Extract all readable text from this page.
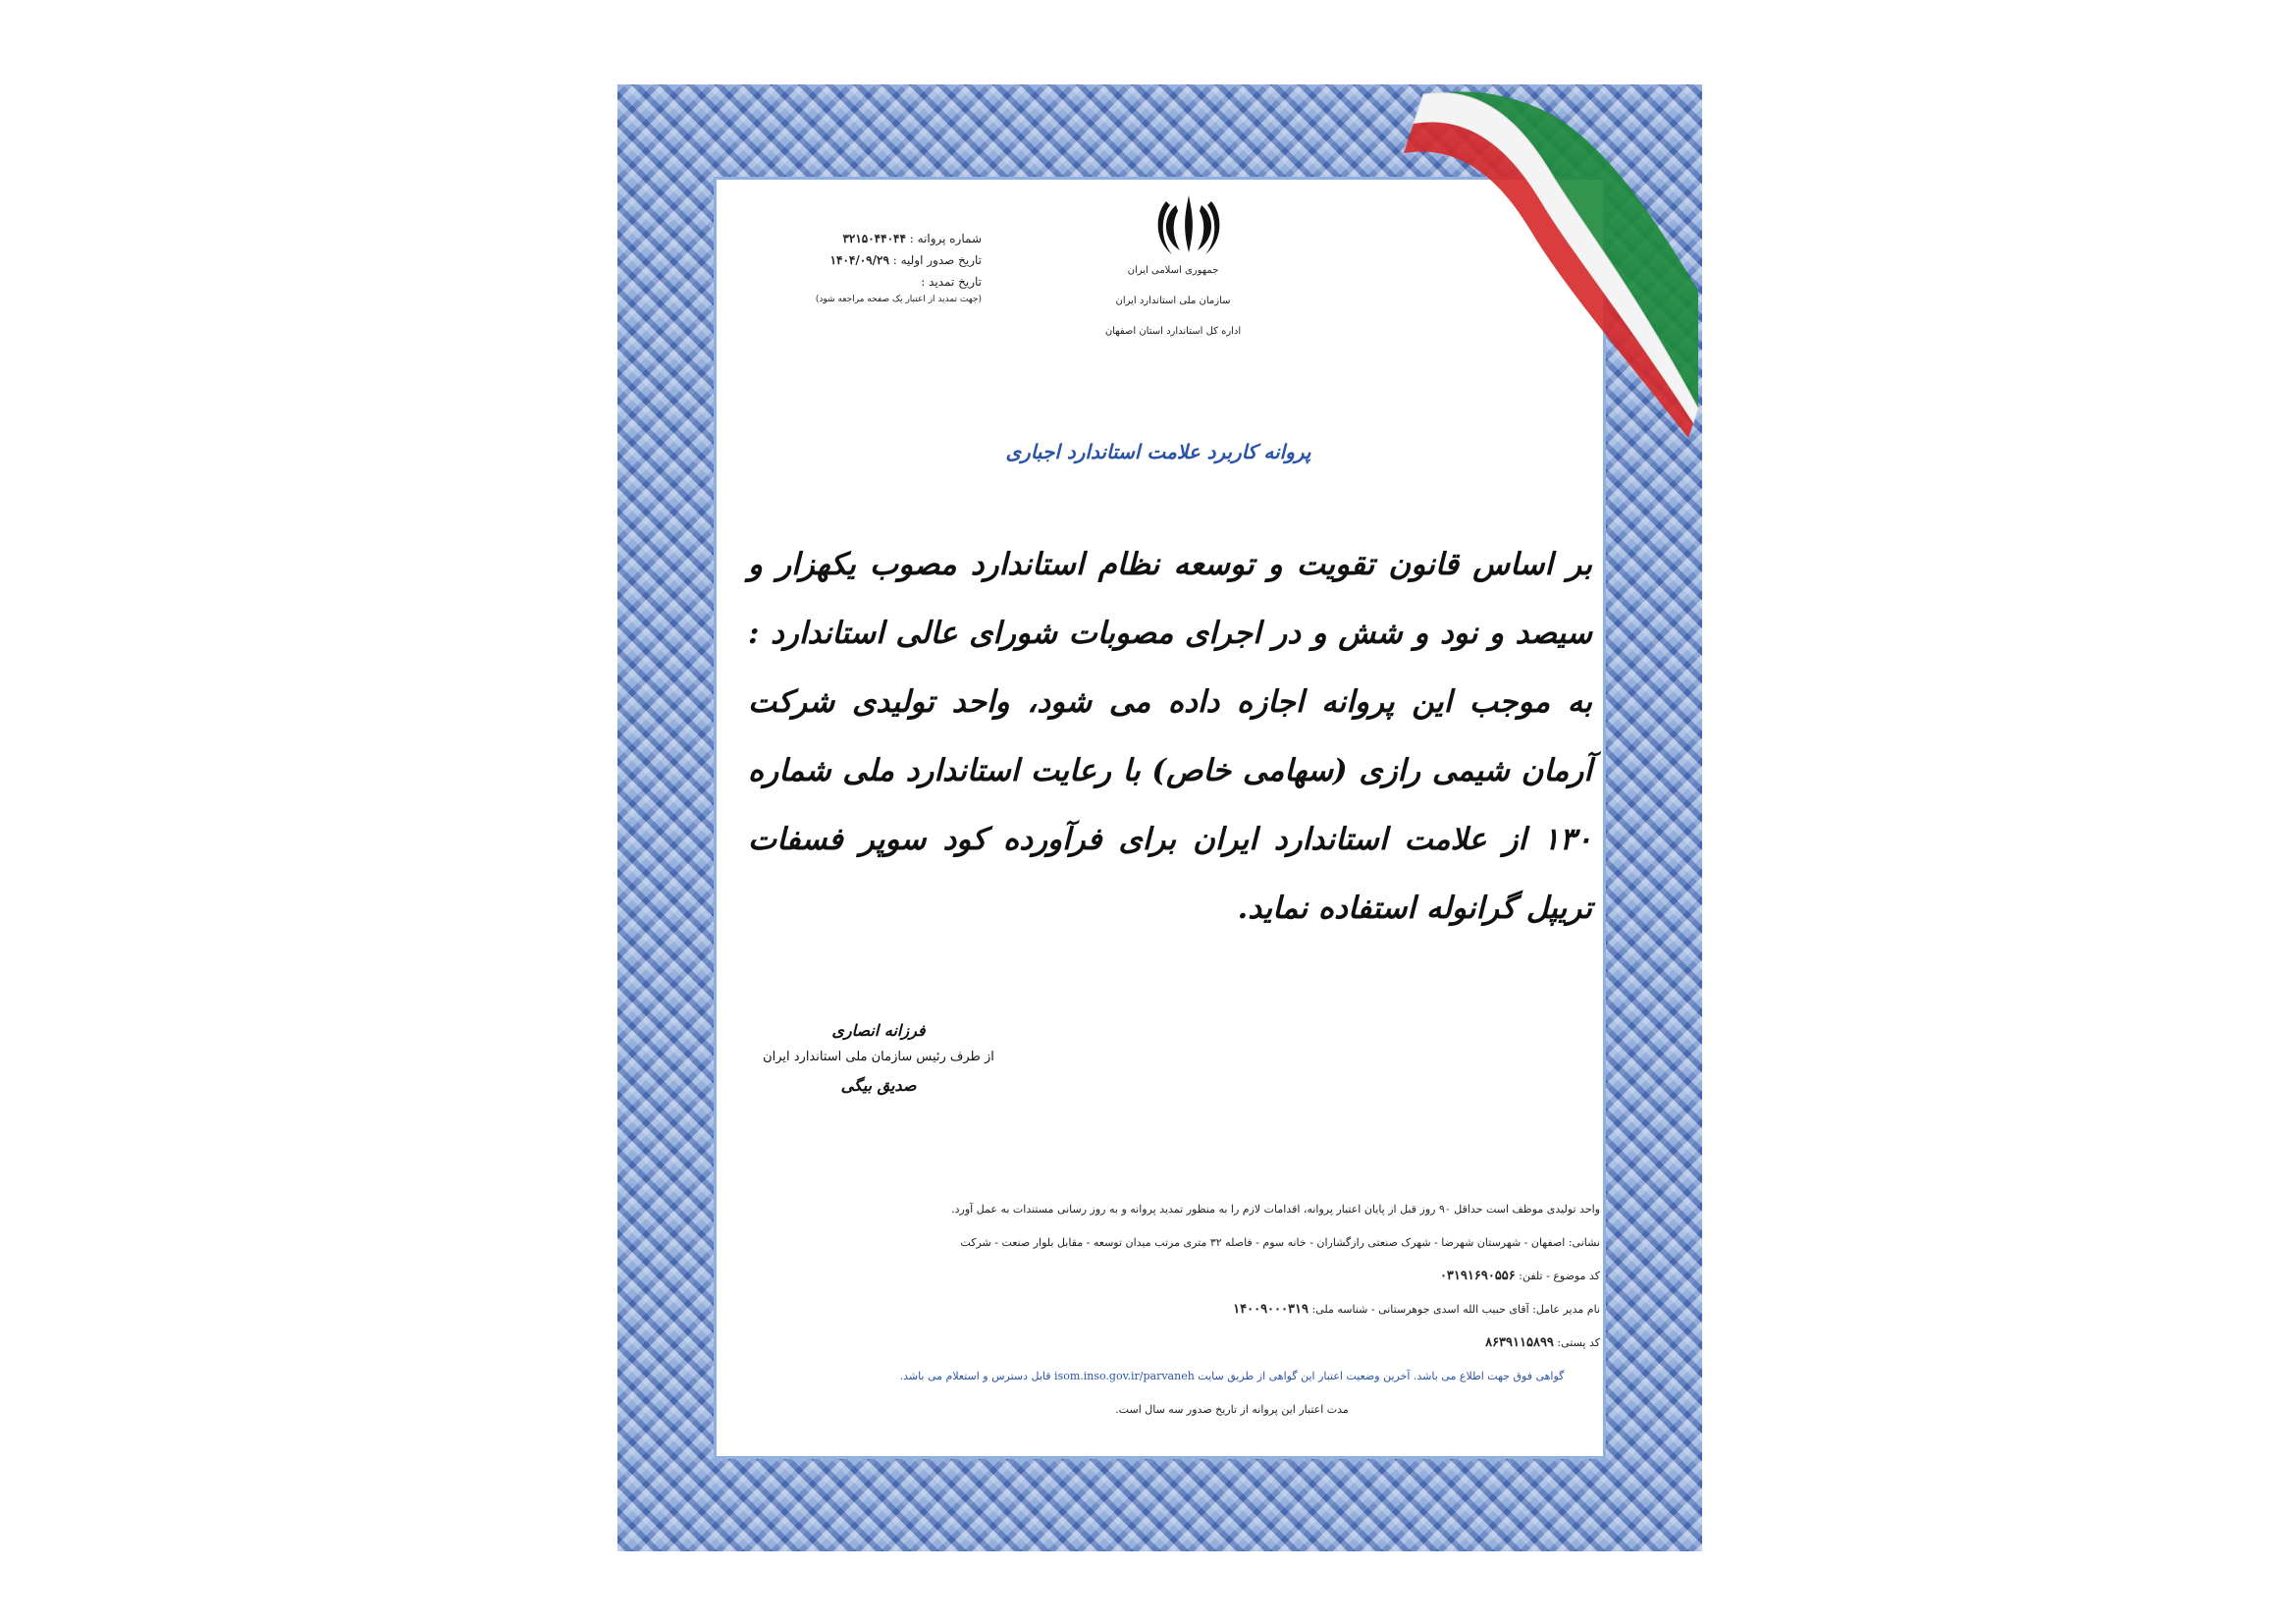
جمهوری اسلامی ایران
سازمان ملی استاندارد ایران
اداره کل استاندارد استان اصفهان
شماره پروانه : ۳۲۱۵۰۴۴۰۴۴
تاریخ صدور اولیه : ۱۴۰۴/۰۹/۲۹
تاریخ تمدید :
(جهت تمدید از اعتبار یک صفحه مراجعه شود)
پروانه کاربرد علامت استاندارد اجباری
بر اساس قانون تقویت و توسعه نظام استاندارد مصوب یکهزار و سیصد و نود و شش و در اجرای مصوبات شورای عالی استاندارد : به موجب این پروانه اجازه داده می شود، واحد تولیدی شرکت آرمان شیمی رازی (سهامی خاص) با رعایت استاندارد ملی شماره ۱۳۰ از علامت استاندارد ایران برای فرآورده کود سوپر فسفات تریپل گرانوله استفاده نماید.
فرزانه انصاری
از طرف رئیس سازمان ملی استاندارد ایران
صدیق بیگی
واحد تولیدی موظف است حداقل ۹۰ روز قبل از پایان اعتبار پروانه، اقدامات لازم را به منظور تمدید پروانه و به روز رسانی مستندات به عمل آورد.
نشانی: اصفهان - شهرستان شهرضا - شهرک صنعتی رازگشاران - خانه سوم - فاصله ۳۲ متری مرتب میدان توسعه - مقابل بلوار صنعت - شرکت
کد موضوع - تلفن: ۰۳۱۹۱۶۹۰۵۵۶
نام مدیر عامل: آقای حبیب الله اسدی جوهرستانی - شناسه ملی: ۱۴۰۰۹۰۰۰۳۱۹
کد پستی: ۸۶۳۹۱۱۵۸۹۹
گواهی فوق جهت اطلاع می باشد. آخرین وضعیت اعتبار این گواهی از طریق سایت isom.inso.gov.ir/parvaneh قابل دسترس و استعلام می باشد.
مدت اعتبار این پروانه از تاریخ صدور سه سال است.
